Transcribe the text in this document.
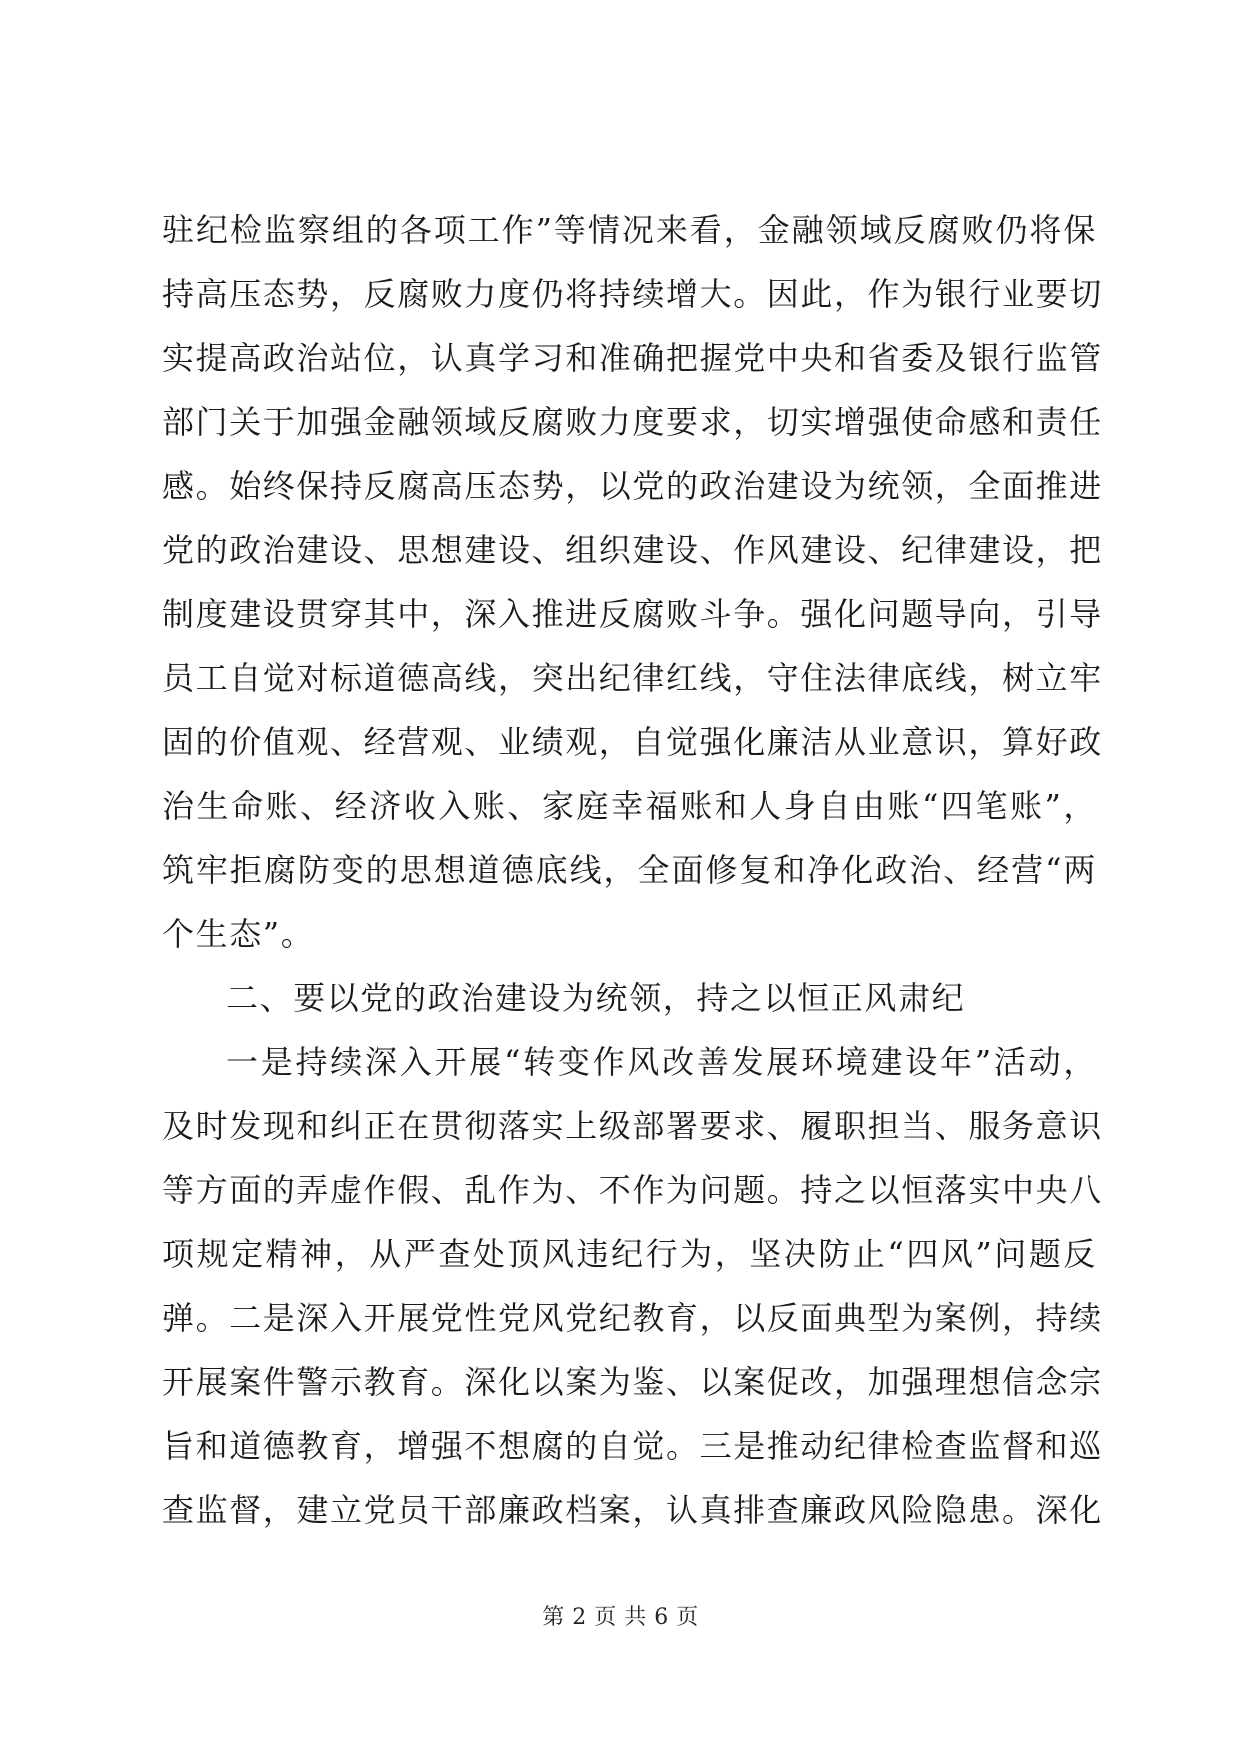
驻纪检监察组的各项工作”等情况来看，金融领域反腐败仍将保
持高压态势，反腐败力度仍将持续增大。因此，作为银行业要切
实提高政治站位，认真学习和准确把握党中央和省委及银行监管
部门关于加强金融领域反腐败力度要求，切实增强使命感和责任
感。始终保持反腐高压态势，以党的政治建设为统领，全面推进
党的政治建设、思想建设、组织建设、作风建设、纪律建设，把
制度建设贯穿其中，深入推进反腐败斗争。强化问题导向，引导
员工自觉对标道德高线，突出纪律红线，守住法律底线，树立牢
固的价值观、经营观、业绩观，自觉强化廉洁从业意识，算好政
治生命账、经济收入账、家庭幸福账和人身自由账“四笔账”，
筑牢拒腐防变的思想道德底线，全面修复和净化政治、经营“两
个生态”。
二、要以党的政治建设为统领，持之以恒正风肃纪
一是持续深入开展“转变作风改善发展环境建设年”活动，
及时发现和纠正在贯彻落实上级部署要求、履职担当、服务意识
等方面的弄虚作假、乱作为、不作为问题。持之以恒落实中央八
项规定精神，从严查处顶风违纪行为，坚决防止“四风”问题反
弹。二是深入开展党性党风党纪教育，以反面典型为案例，持续
开展案件警示教育。深化以案为鉴、以案促改，加强理想信念宗
旨和道德教育，增强不想腐的自觉。三是推动纪律检查监督和巡
查监督，建立党员干部廉政档案，认真排查廉政风险隐患。深化
第 2 页 共 6 页
